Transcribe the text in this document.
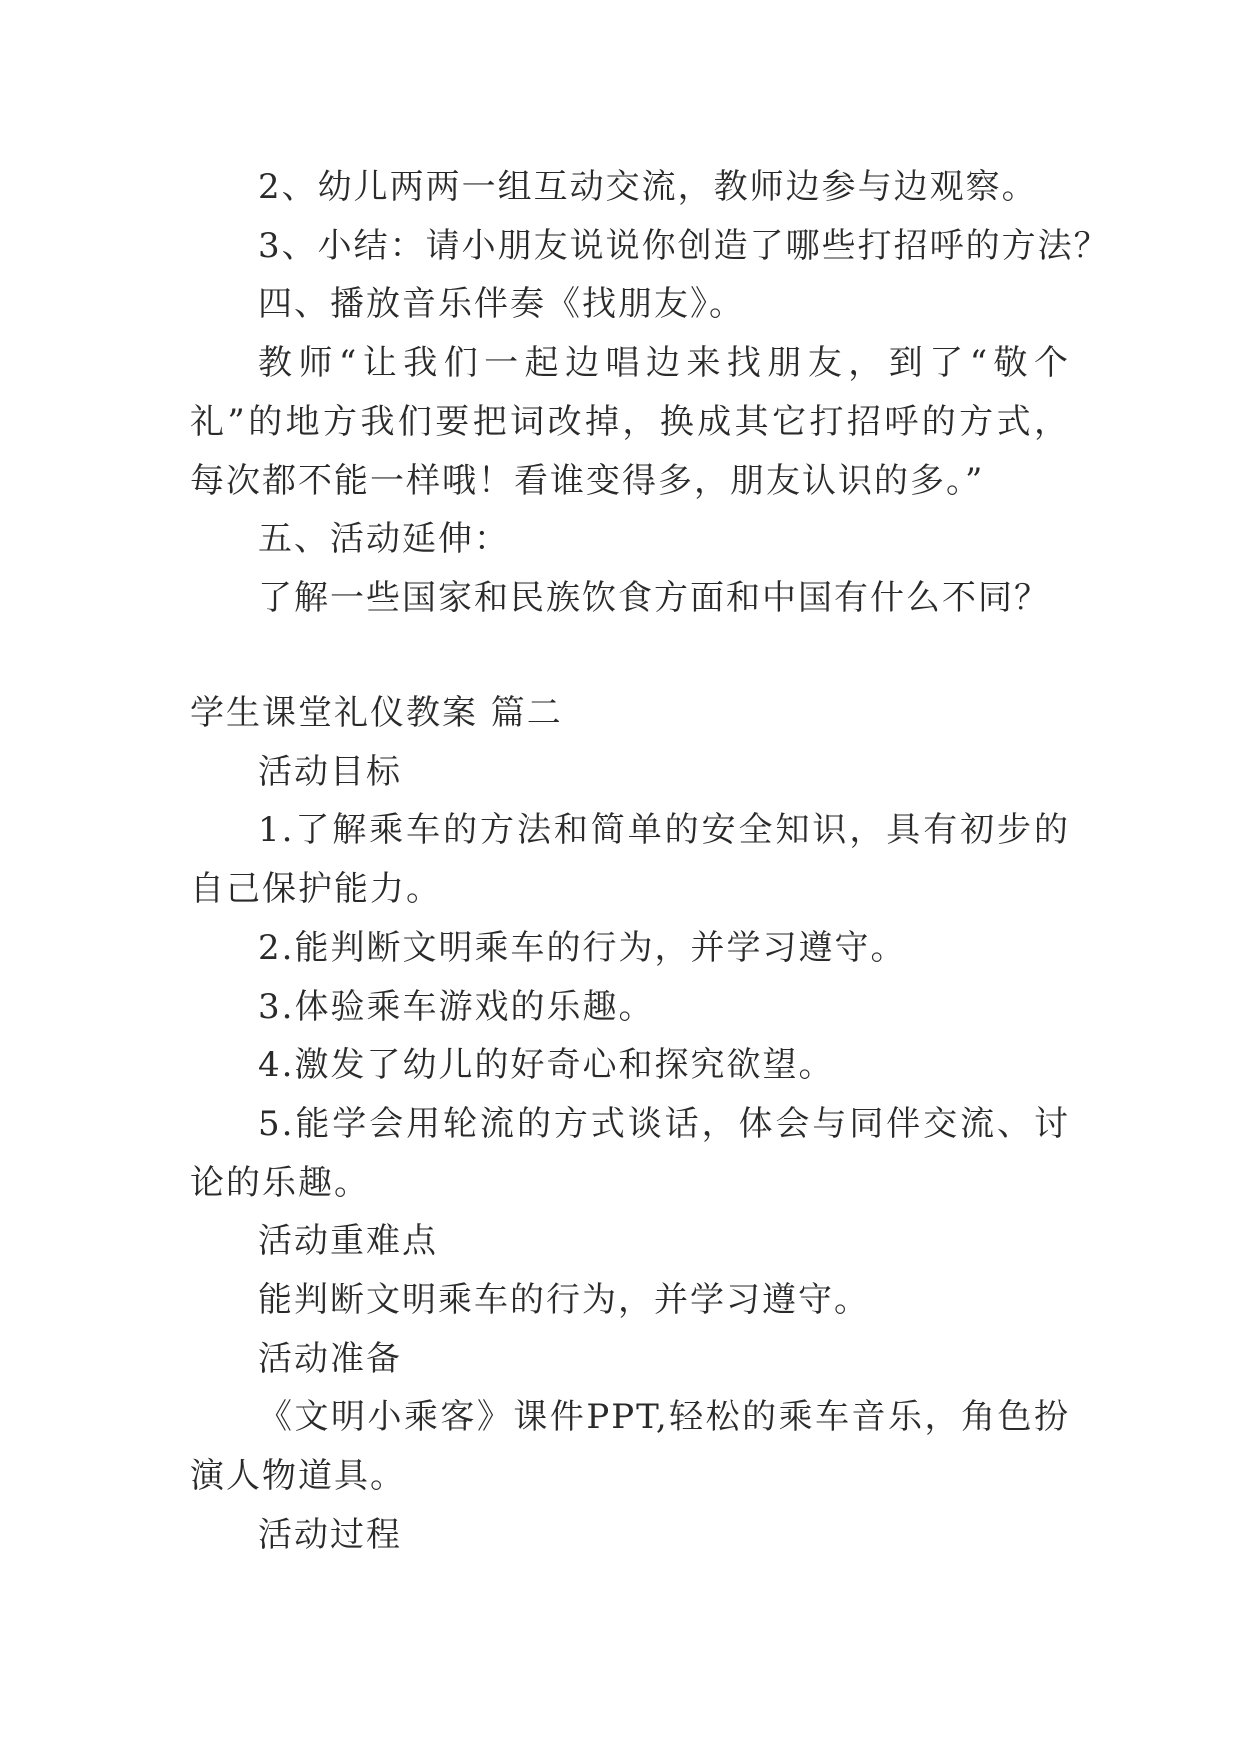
2、幼儿两两一组互动交流，教师边参与边观察。

3、小结：请小朋友说说你创造了哪些打招呼的方法？

四、播放音乐伴奏《找朋友》。

教师“让我们一起边唱边来找朋友，到了“敬个礼”的地方我们要把词改掉，换成其它打招呼的方式，每次都不能一样哦！看谁变得多，朋友认识的多。”

五、活动延伸：

了解一些国家和民族饮食方面和中国有什么不同？

学生课堂礼仪教案 篇二

活动目标

1.了解乘车的方法和简单的安全知识，具有初步的自己保护能力。

2.能判断文明乘车的行为，并学习遵守。

3.体验乘车游戏的乐趣。

4.激发了幼儿的好奇心和探究欲望。

5.能学会用轮流的方式谈话，体会与同伴交流、讨论的乐趣。

活动重难点

能判断文明乘车的行为，并学习遵守。

活动准备

《文明小乘客》课件PPT,轻松的乘车音乐，角色扮演人物道具。

活动过程
